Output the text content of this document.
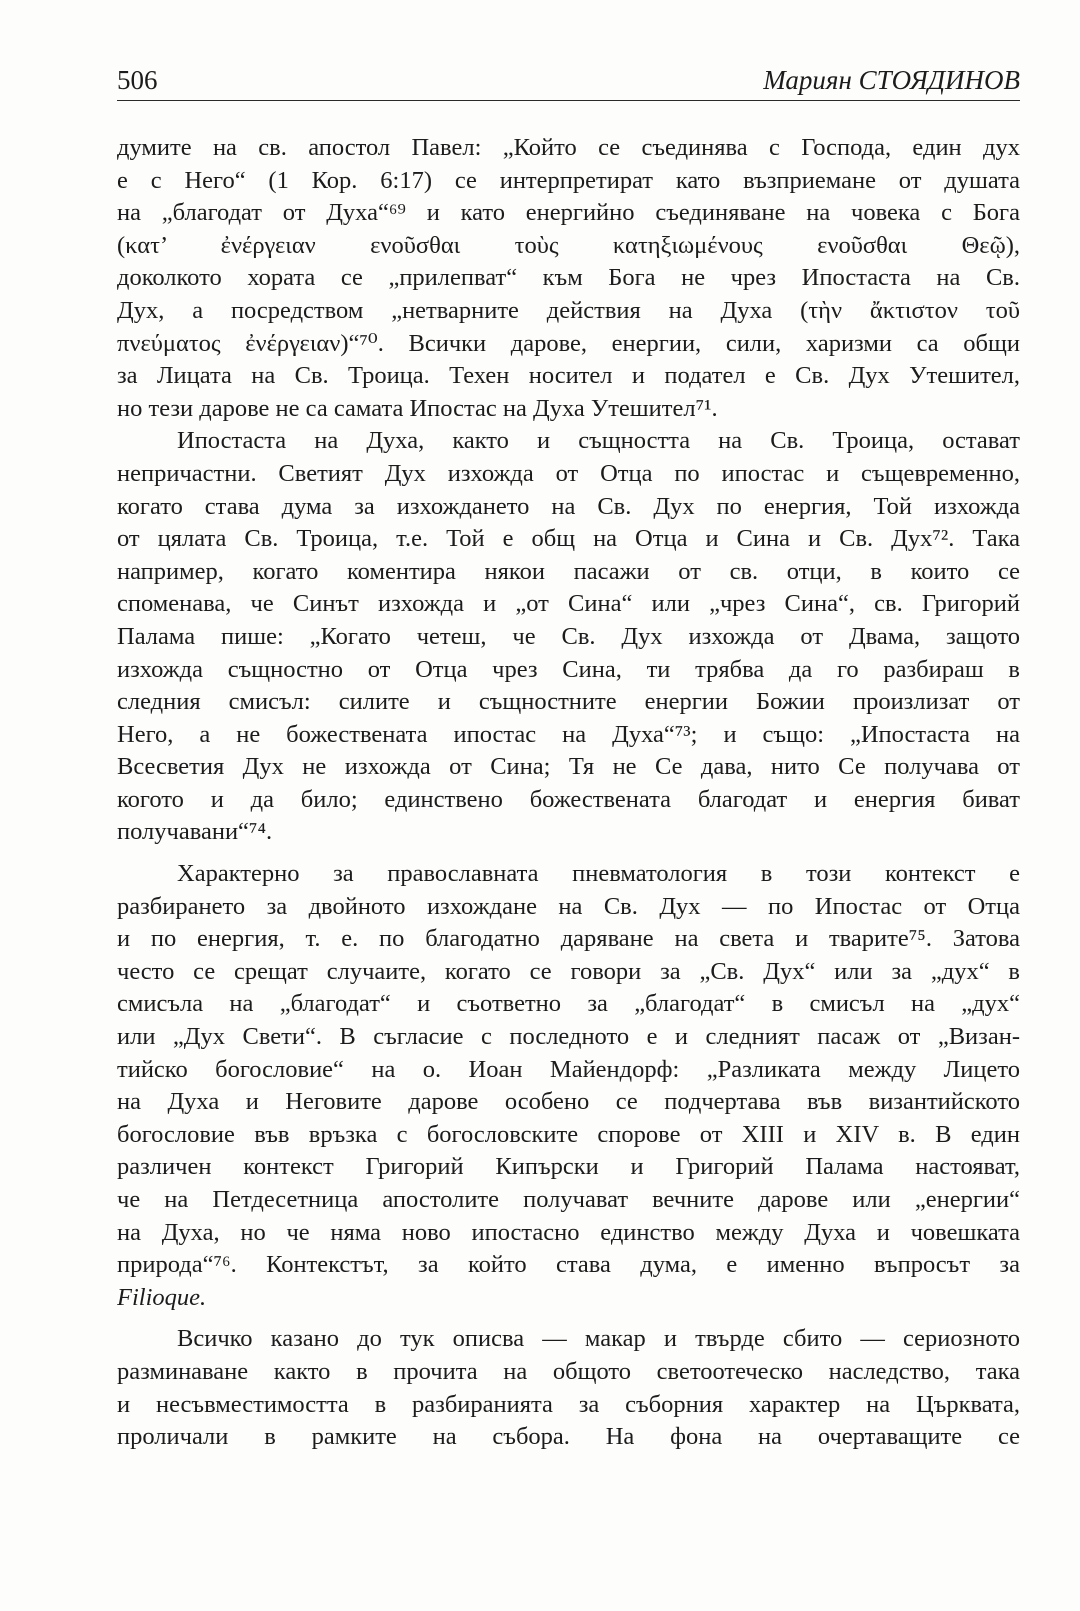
506	Мариян СТОЯДИНОВ
думите на св. апостол Павел: „Който се съединява с Господа, един дух
е с Него“ (1 Кор. 6:17) се интерпретират като възприемане от душата
на „благодат от Духа“⁶⁹ и като енергийно съединяване на човека с Бога
(κατ’ ἐνέργειαν ενοῦσθαι τοὺς κατηξιωμένους ενοῦσθαι Θεῷ),
доколкото хората се „прилепват“ към Бога не чрез Ипостаста на Св.
Дух, а посредством „нетварните действия на Духа (τὴν ἄκτιστον τοῦ
πνεύματος ἐνέργειαν)“⁷⁰. Всички дарове, енергии, сили, харизми са общи
за Лицата на Св. Троица. Техен носител и подател е Св. Дух Утешител,
но тези дарове не са самата Ипостас на Духа Утешител⁷¹.
Ипостаста на Духа, както и същността на Св. Троица, остават
непричастни. Светият Дух изхожда от Отца по ипостас и същевременно,
когато става дума за изхождането на Св. Дух по енергия, Той изхожда
от цялата Св. Троица, т.е. Той е общ на Отца и Сина и Св. Дух⁷². Така
например, когато коментира някои пасажи от св. отци, в които се
споменава, че Синът изхожда и „от Сина“ или „чрез Сина“, св. Григорий
Палама пише: „Когато четеш, че Св. Дух изхожда от Двама, защото
изхожда същностно от Отца чрез Сина, ти трябва да го разбираш в
следния смисъл: силите и същностните енергии Божии произлизат от
Него, а не божествената ипостас на Духа“⁷³; и също: „Ипостаста на
Всесветия Дух не изхожда от Сина; Тя не Се дава, нито Се получава от
когото и да било; единствено божествената благодат и енергия биват
получавани“⁷⁴.
Характерно за православната пневматология в този контекст е
разбирането за двойното изхождане на Св. Дух — по Ипостас от Отца
и по енергия, т. е. по благодатно даряване на света и тварите⁷⁵. Затова
често се срещат случаите, когато се говори за „Св. Дух“ или за „дух“ в
смисъла на „благодат“ и съответно за „благодат“ в смисъл на „дух“
или „Дух Свети“. В съгласие с последното е и следният пасаж от „Визан-
тийско богословие“ на о. Иоан Майендорф: „Разликата между Лицето
на Духа и Неговите дарове особено се подчертава във византийското
богословие във връзка с богословските спорове от XIII и XIV в. В един
различен контекст Григорий Кипърски и Григорий Палама настояват,
че на Петдесетница апостолите получават вечните дарове или „енергии“
на Духа, но че няма ново ипостасно единство между Духа и човешката
природа“⁷⁶. Контекстът, за който става дума, е именно въпросът за
Filioque.
Всичко казано до тук описва — макар и твърде сбито — сериозното
разминаване както в прочита на общото светоотеческо наследство, така
и несъвместимостта в разбиранията за съборния характер на Църквата,
проличали в рамките на събора. На фона на очертаващите се
